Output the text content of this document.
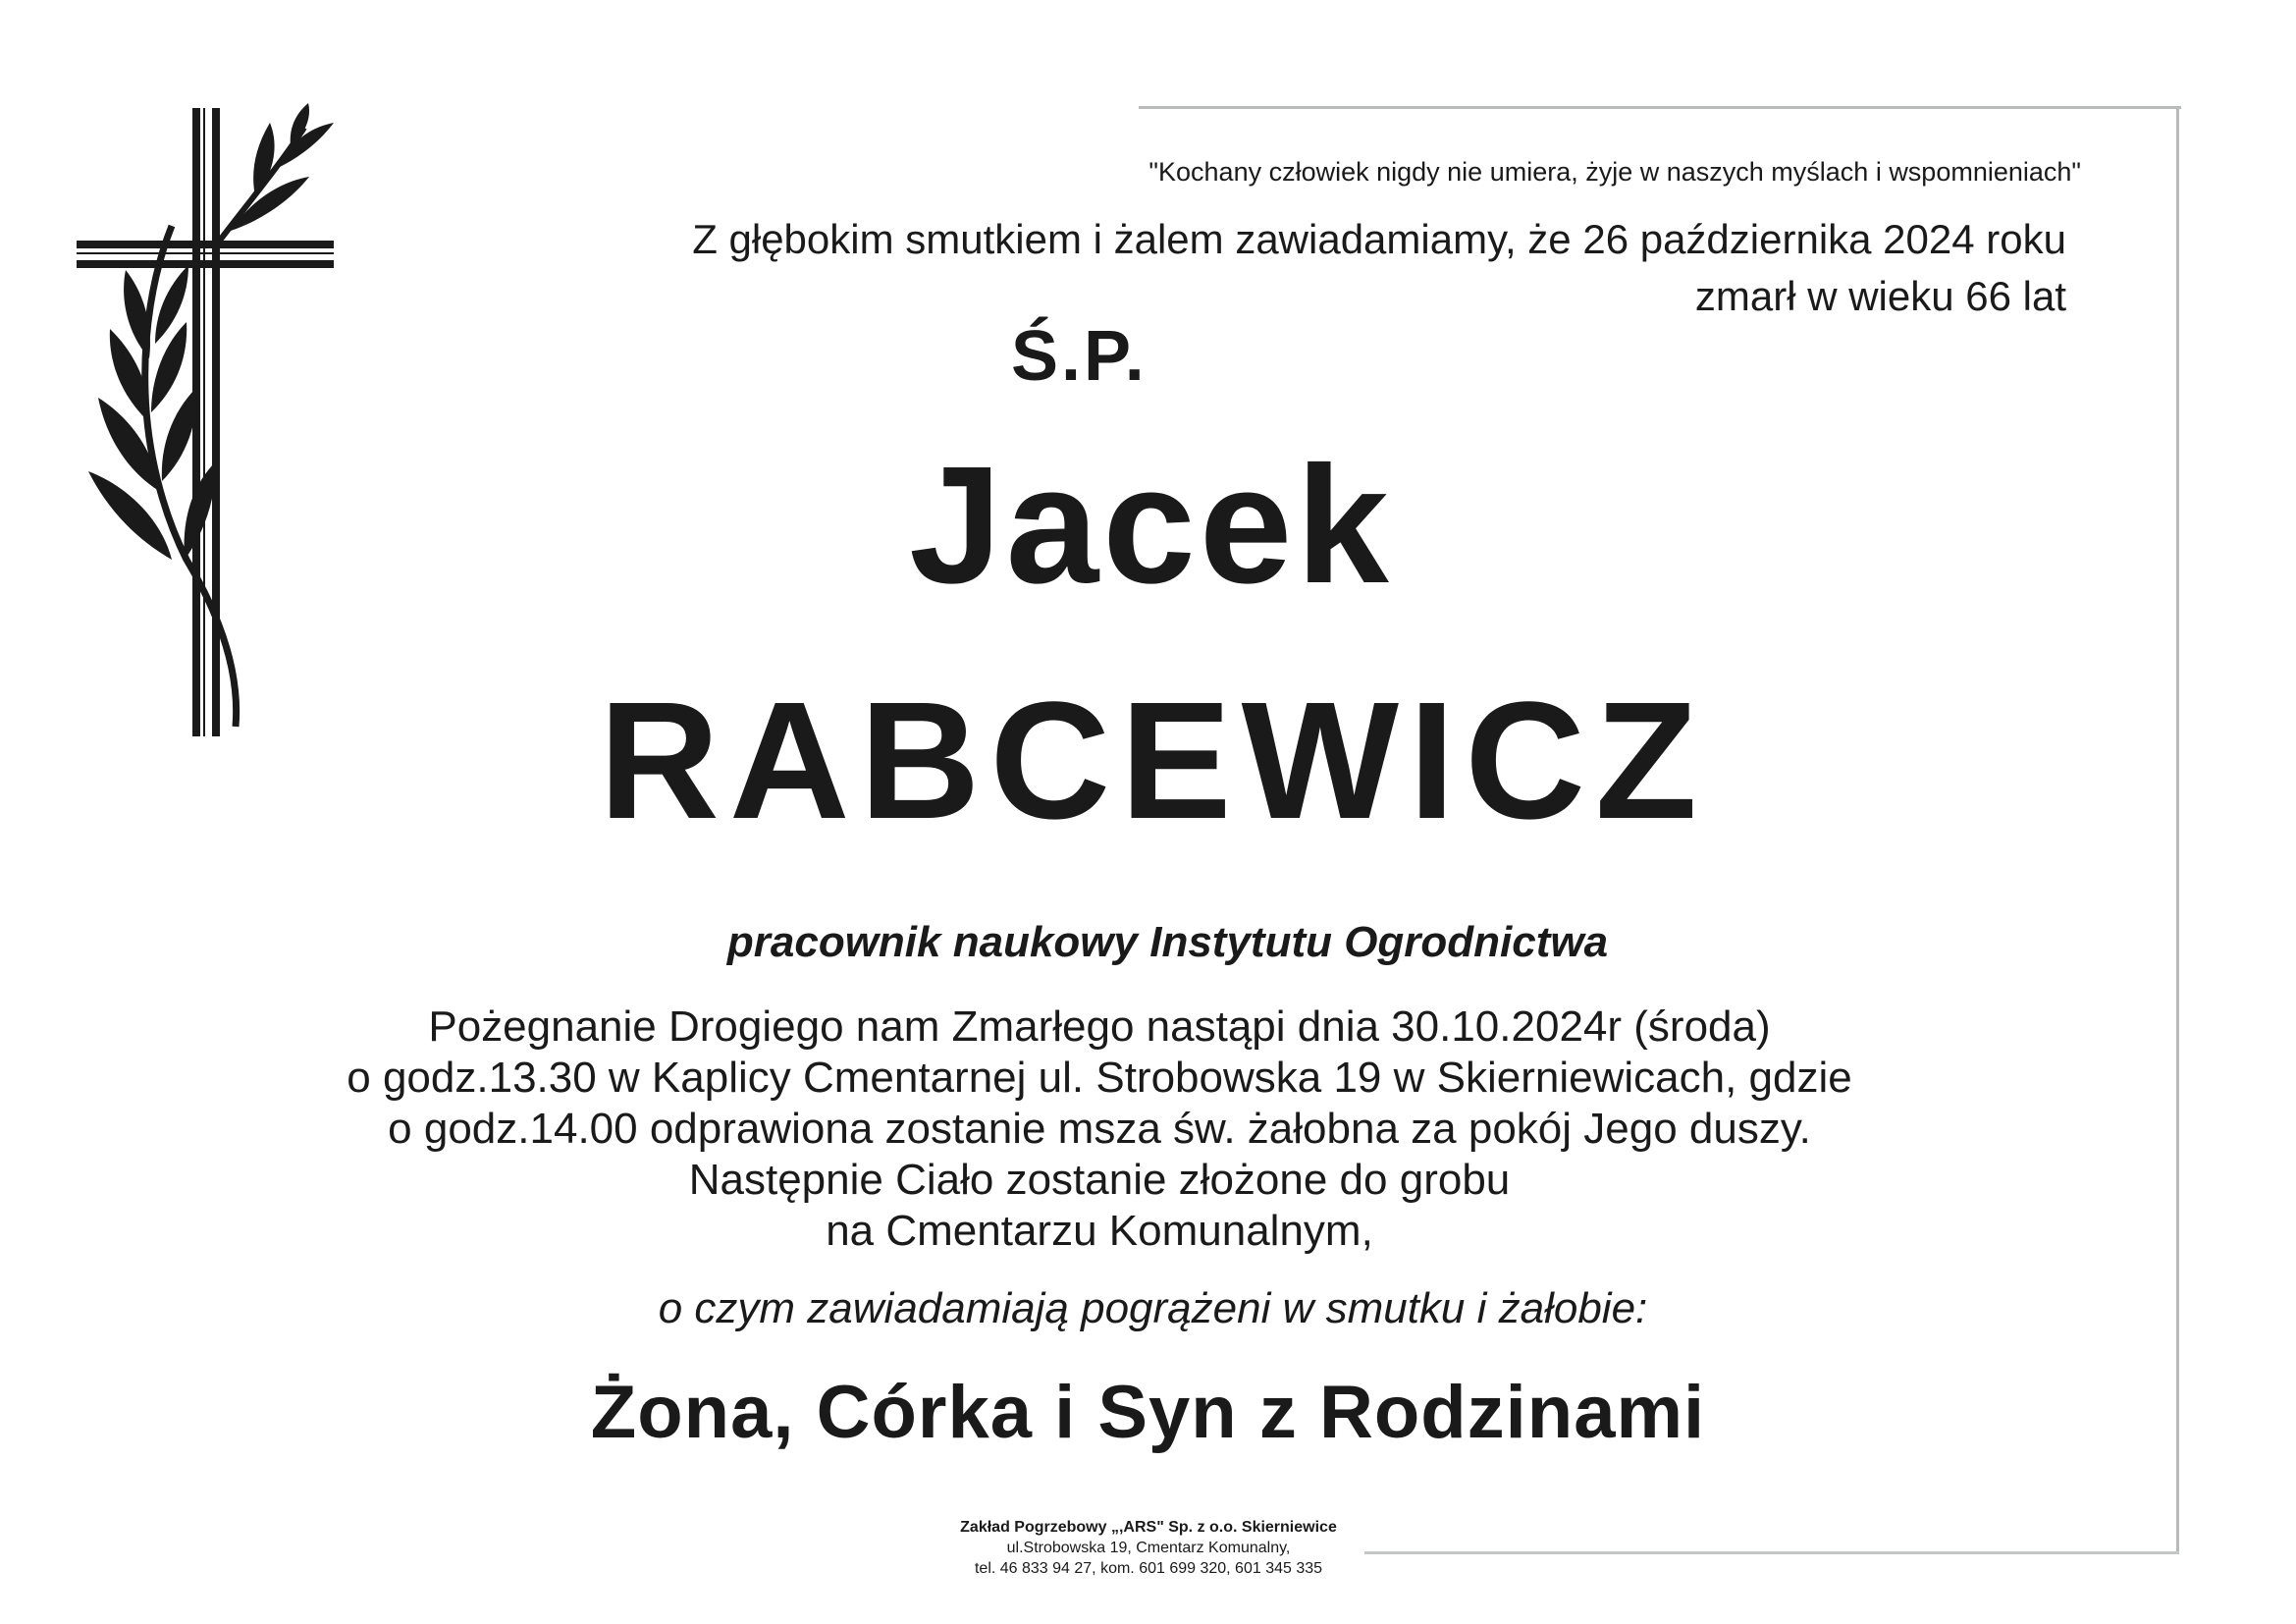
"Kochany człowiek nigdy nie umiera, żyje w naszych myślach i wspomnieniach"
Z głębokim smutkiem i żalem zawiadamiamy, że 26 października 2024 roku
zmarł w wieku 66 lat
Ś.P.
Jacek
RABCEWICZ
pracownik naukowy Instytutu Ogrodnictwa
Pożegnanie Drogiego nam Zmarłego nastąpi dnia 30.10.2024r (środa)
o godz.13.30 w Kaplicy Cmentarnej ul. Strobowska 19 w Skierniewicach, gdzie
o godz.14.00 odprawiona zostanie msza św. żałobna za pokój Jego duszy.
Następnie Ciało zostanie złożone do grobu
na Cmentarzu Komunalnym,
o czym zawiadamiają pogrążeni w smutku i żałobie:
Żona, Córka i Syn z Rodzinami
Zakład Pogrzebowy „,ARS" Sp. z o.o. Skierniewice
ul.Strobowska 19, Cmentarz Komunalny,
tel. 46 833 94 27, kom. 601 699 320, 601 345 335
